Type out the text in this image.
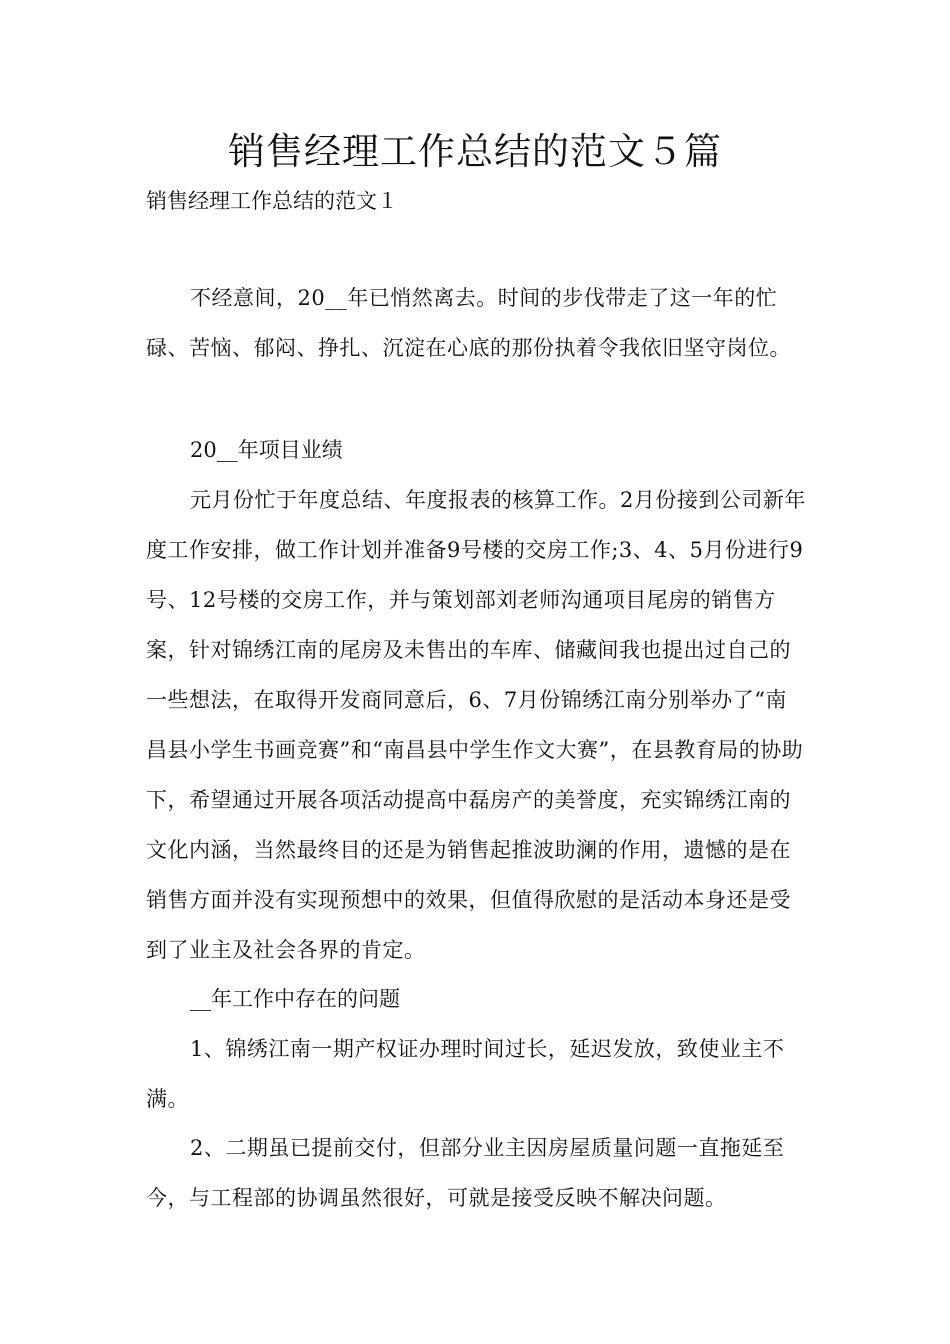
销售经理工作总结的范文５篇
销售经理工作总结的范文１

不经意间，20__年已悄然离去。时间的步伐带走了这一年的忙碌、苦恼、郁闷、挣扎、沉淀在心底的那份执着令我依旧坚守岗位。

20__年项目业绩

元月份忙于年度总结、年度报表的核算工作。2月份接到公司新年度工作安排，做工作计划并准备9号楼的交房工作;3、4、5月份进行9号、12号楼的交房工作，并与策划部刘老师沟通项目尾房的销售方案，针对锦绣江南的尾房及未售出的车库、储藏间我也提出过自己的一些想法，在取得开发商同意后，6、7月份锦绣江南分别举办了“南昌县小学生书画竞赛”和“南昌县中学生作文大赛”，在县教育局的协助下，希望通过开展各项活动提高中磊房产的美誉度，充实锦绣江南的文化内涵，当然最终目的还是为销售起推波助澜的作用，遗憾的是在销售方面并没有实现预想中的效果，但值得欣慰的是活动本身还是受到了业主及社会各界的肯定。

__年工作中存在的问题

1、锦绣江南一期产权证办理时间过长，延迟发放，致使业主不满。

2、二期虽已提前交付，但部分业主因房屋质量问题一直拖延至今，与工程部的协调虽然很好，可就是接受反映不解决问题。
